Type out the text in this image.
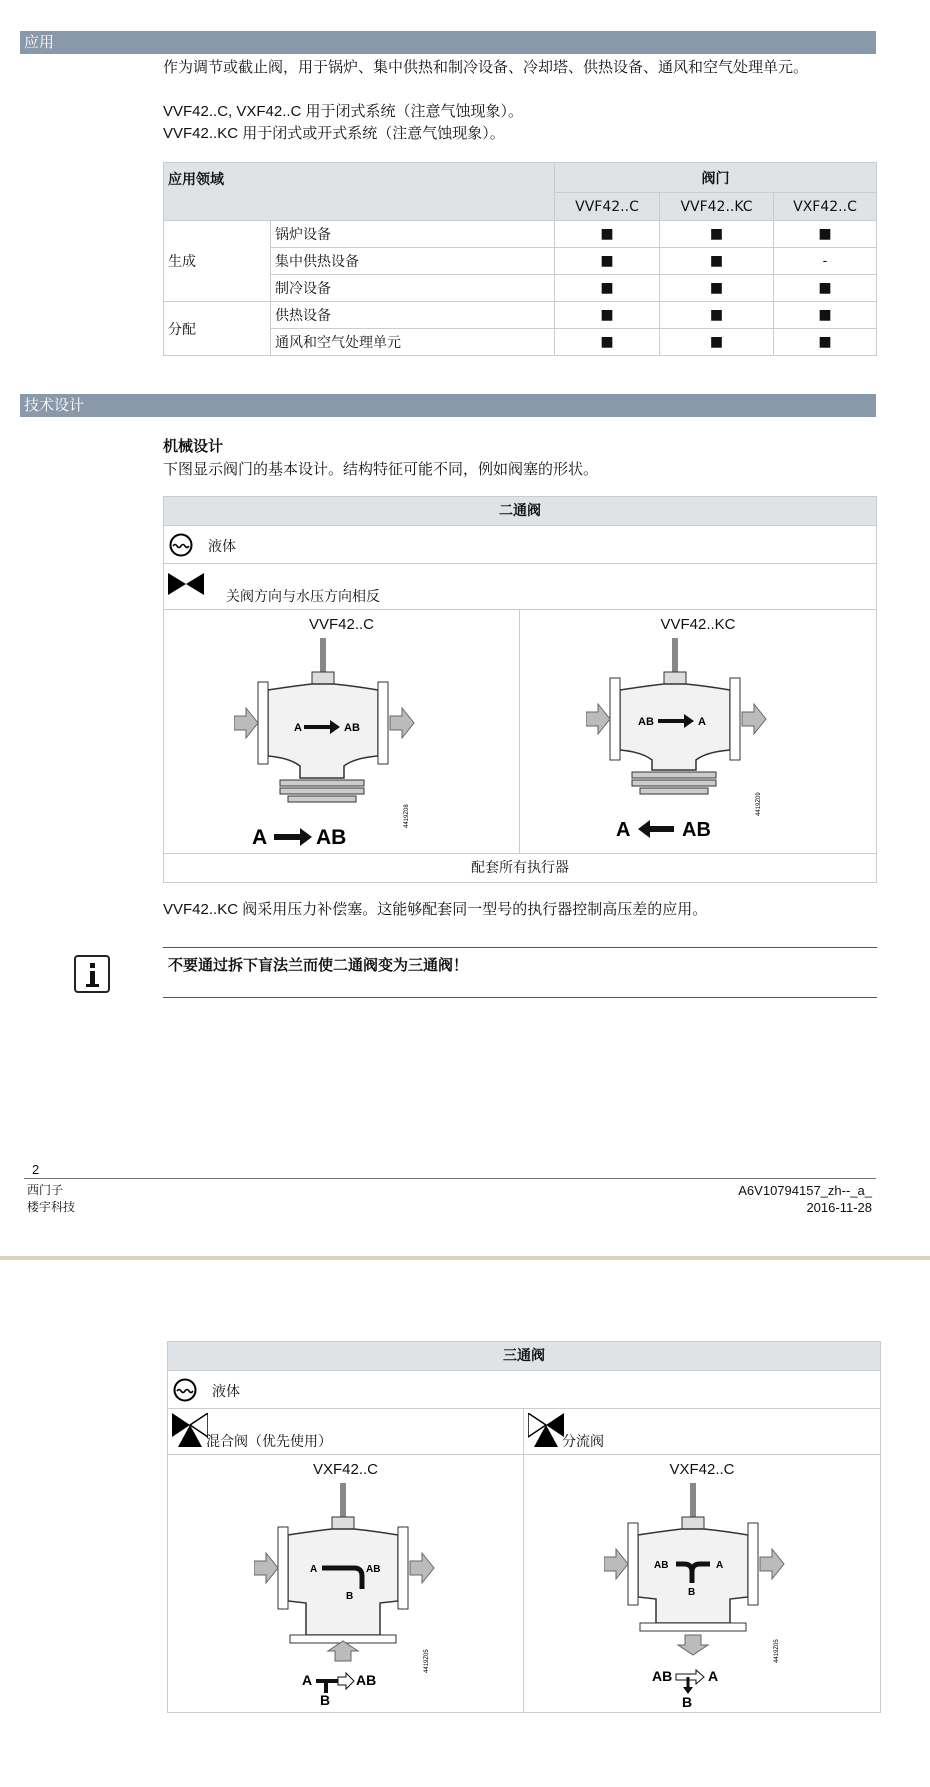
应用
作为调节或截止阀，用于锅炉、集中供热和制冷设备、冷却塔、供热设备、通风和空气处理单元。
VVF42..C, VXF42..C 用于闭式系统（注意气蚀现象）。
VVF42..KC 用于闭式或开式系统（注意气蚀现象）。
应用领域		阀门		
		VVF42..C	VVF42..KC	VXF42..C
生成	锅炉设备	■	■	■
	集中供热设备	■	■	-
	制冷设备	■	■	■
分配	供热设备	■	■	■
	通风和空气处理单元	■	■	■
技术设计
机械设计
下图显示阀门的基本设计。结构特征可能不同，例如阀塞的形状。
二通阀
液体
关阀方向与水压方向相反
VVF42..C
A	AB
A AB
4419Z08
VVF42..KC
AB	A
A	AB
4419Z09
配套所有执行器
VVF42..KC 阀采用压力补偿塞。这能够配套同一型号的执行器控制高压差的应用。
不要通过拆下盲法兰而使二通阀变为三通阀！
2
西门子
楼宇科技
A6V10794157_zh--_a_
2016-11-28
三通阀
液体
混合阀（优先使用）	分流阀
VXF42..C
A	AB
B
A	AB
B
4419Z05
VXF42..C
AB	A
B
AB	A
B
4419Z05
